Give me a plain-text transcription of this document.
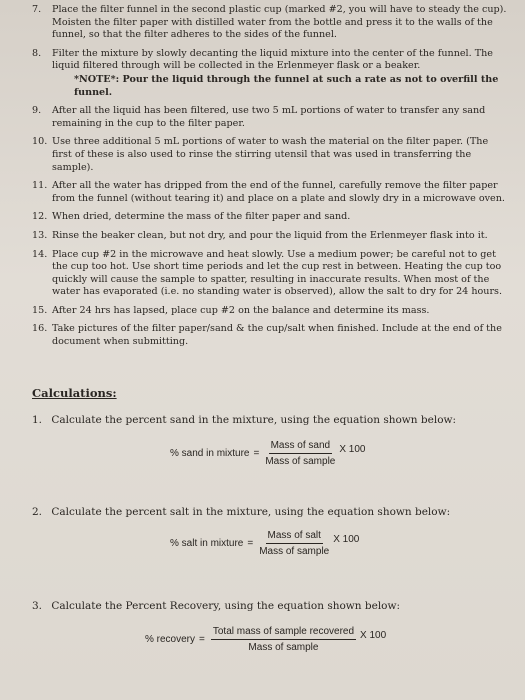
7. Place the filter funnel in the second plastic cup (marked #2, you will have to steady the cup). Moisten the filter paper with distilled water from the bottle and press it to the walls of the funnel, so that the filter adheres to the sides of the funnel.
8. Filter the mixture by slowly decanting the liquid mixture into the center of the funnel. The liquid filtered through will be collected in the Erlenmeyer flask or a beaker.
*NOTE*: Pour the liquid through the funnel at such a rate as not to overfill the funnel.
9. After all the liquid has been filtered, use two 5 mL portions of water to transfer any sand remaining in the cup to the filter paper.
10. Use three additional 5 mL portions of water to wash the material on the filter paper. (The first of these is also used to rinse the stirring utensil that was used in transferring the sample).
11. After all the water has dripped from the end of the funnel, carefully remove the filter paper from the funnel (without tearing it) and place on a plate and slowly dry in a microwave oven.
12. When dried, determine the mass of the filter paper and sand.
13. Rinse the beaker clean, but not dry, and pour the liquid from the Erlenmeyer flask into it.
14. Place cup #2 in the microwave and heat slowly. Use a medium power; be careful not to get the cup too hot. Use short time periods and let the cup rest in between. Heating the cup too quickly will cause the sample to spatter, resulting in inaccurate results. When most of the water has evaporated (i.e. no standing water is observed), allow the salt to dry for 24 hours.
15. After 24 hrs has lapsed, place cup #2 on the balance and determine its mass.
16. Take pictures of the filter paper/sand & the cup/salt when finished. Include at the end of the document when submitting.
Calculations:
1. Calculate the percent sand in the mixture, using the equation shown below:
% sand in mixture = $\frac{\text{Mass of sand}}{\text{Mass of sample}}$ X 100
2. Calculate the percent salt in the mixture, using the equation shown below:
% salt in mixture = $\frac{\text{Mass of salt}}{\text{Mass of sample}}$ X 100
3. Calculate the Percent Recovery, using the equation shown below:
% recovery = $\frac{\text{Total mass of sample recovered}}{\text{Mass of sample}}$ X 100
